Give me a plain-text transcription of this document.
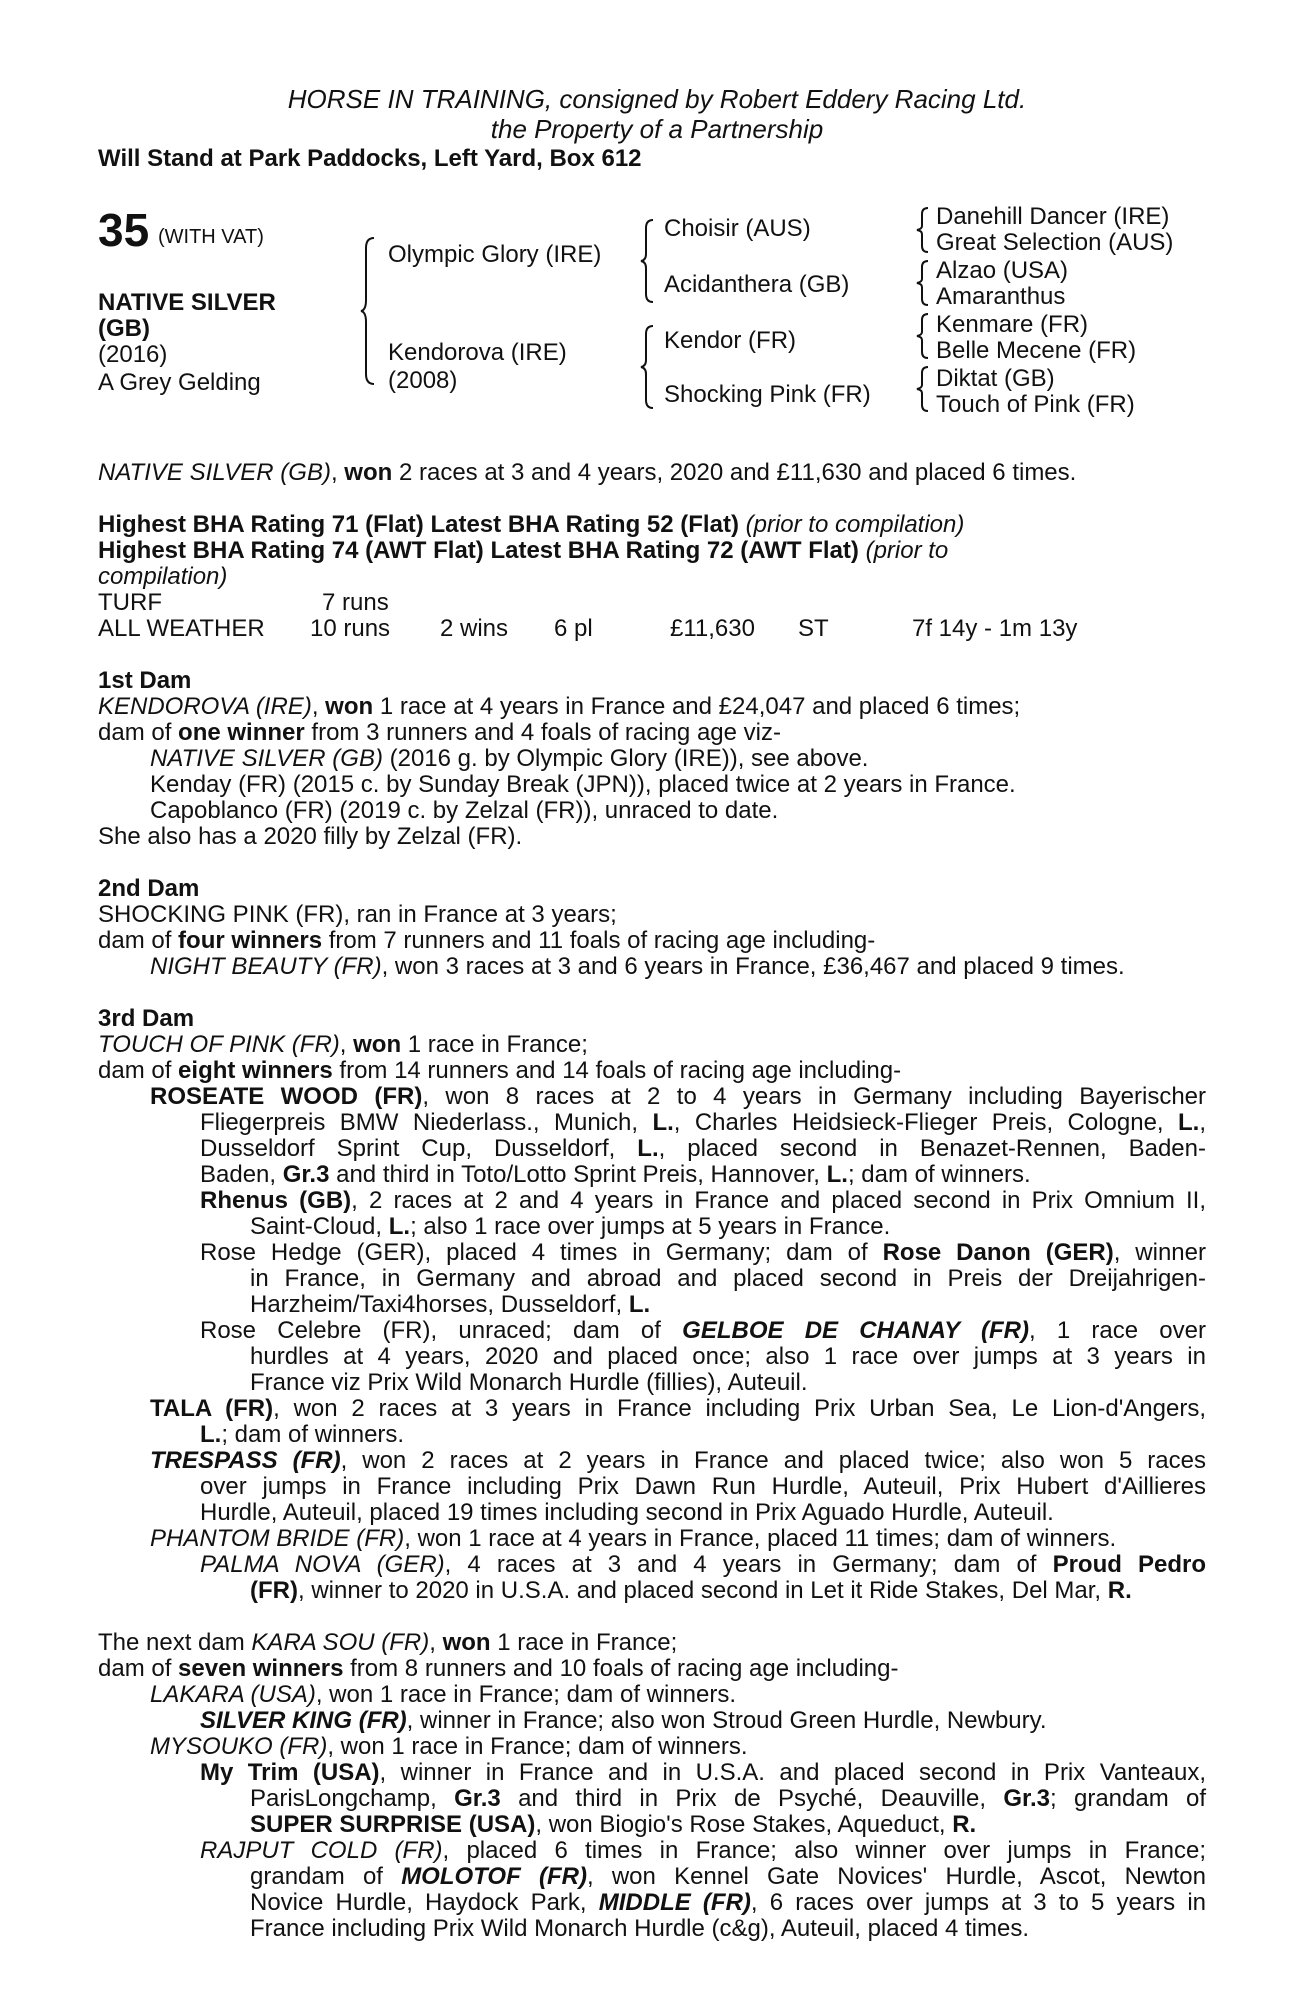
HORSE IN TRAINING, consigned by Robert Eddery Racing Ltd.
the Property of a Partnership
Will Stand at Park Paddocks, Left Yard, Box 612
35 (WITH VAT)
NATIVE SILVER
(GB)
(2016)
A Grey Gelding
Olympic Glory (IRE)
Kendorova (IRE)
(2008)
Choisir (AUS)
Acidanthera (GB)
Kendor (FR)
Shocking Pink (FR)
Danehill Dancer (IRE)
Great Selection (AUS)
Alzao (USA)
Amaranthus
Kenmare (FR)
Belle Mecene (FR)
Diktat (GB)
Touch of Pink (FR)
NATIVE SILVER (GB), won 2 races at 3 and 4 years, 2020 and £11,630 and placed 6 times.
Highest BHA Rating 71 (Flat) Latest BHA Rating 52 (Flat) (prior to compilation)
Highest BHA Rating 74 (AWT Flat) Latest BHA Rating 72 (AWT Flat) (prior to
compilation)
TURF	7 runs
ALL WEATHER 10 runs 2 wins 6 pl	£11,630 ST	7f 14y - 1m 13y
1st Dam
KENDOROVA (IRE), won 1 race at 4 years in France and £24,047 and placed 6 times;
dam of one winner from 3 runners and 4 foals of racing age viz-
NATIVE SILVER (GB) (2016 g. by Olympic Glory (IRE)), see above.
Kenday (FR) (2015 c. by Sunday Break (JPN)), placed twice at 2 years in France.
Capoblanco (FR) (2019 c. by Zelzal (FR)), unraced to date.
She also has a 2020 filly by Zelzal (FR).
2nd Dam
SHOCKING PINK (FR), ran in France at 3 years;
dam of four winners from 7 runners and 11 foals of racing age including-
NIGHT BEAUTY (FR), won 3 races at 3 and 6 years in France, £36,467 and placed 9 times.
3rd Dam
TOUCH OF PINK (FR), won 1 race in France;
dam of eight winners from 14 runners and 14 foals of racing age including-
ROSEATE WOOD (FR), won 8 races at 2 to 4 years in Germany including Bayerischer
Fliegerpreis BMW Niederlass., Munich, L., Charles Heidsieck-Flieger Preis, Cologne, L.,
Dusseldorf Sprint Cup, Dusseldorf, L., placed second in Benazet-Rennen, Baden-
Baden, Gr.3 and third in Toto/Lotto Sprint Preis, Hannover, L.; dam of winners.
Rhenus (GB), 2 races at 2 and 4 years in France and placed second in Prix Omnium II,
Saint-Cloud, L.; also 1 race over jumps at 5 years in France.
Rose Hedge (GER), placed 4 times in Germany; dam of Rose Danon (GER), winner
in France, in Germany and abroad and placed second in Preis der Dreijahrigen-
Harzheim/Taxi4horses, Dusseldorf, L.
Rose Celebre (FR), unraced; dam of GELBOE DE CHANAY (FR), 1 race over
hurdles at 4 years, 2020 and placed once; also 1 race over jumps at 3 years in
France viz Prix Wild Monarch Hurdle (fillies), Auteuil.
TALA (FR), won 2 races at 3 years in France including Prix Urban Sea, Le Lion-d'Angers,
L.; dam of winners.
TRESPASS (FR), won 2 races at 2 years in France and placed twice; also won 5 races
over jumps in France including Prix Dawn Run Hurdle, Auteuil, Prix Hubert d'Aillieres
Hurdle, Auteuil, placed 19 times including second in Prix Aguado Hurdle, Auteuil.
PHANTOM BRIDE (FR), won 1 race at 4 years in France, placed 11 times; dam of winners.
PALMA NOVA (GER), 4 races at 3 and 4 years in Germany; dam of Proud Pedro
(FR), winner to 2020 in U.S.A. and placed second in Let it Ride Stakes, Del Mar, R.
The next dam KARA SOU (FR), won 1 race in France;
dam of seven winners from 8 runners and 10 foals of racing age including-
LAKARA (USA), won 1 race in France; dam of winners.
SILVER KING (FR), winner in France; also won Stroud Green Hurdle, Newbury.
MYSOUKO (FR), won 1 race in France; dam of winners.
My Trim (USA), winner in France and in U.S.A. and placed second in Prix Vanteaux,
ParisLongchamp, Gr.3 and third in Prix de Psyché, Deauville, Gr.3; grandam of
SUPER SURPRISE (USA), won Biogio's Rose Stakes, Aqueduct, R.
RAJPUT COLD (FR), placed 6 times in France; also winner over jumps in France;
grandam of MOLOTOF (FR), won Kennel Gate Novices' Hurdle, Ascot, Newton
Novice Hurdle, Haydock Park, MIDDLE (FR), 6 races over jumps at 3 to 5 years in
France including Prix Wild Monarch Hurdle (c&g), Auteuil, placed 4 times.
